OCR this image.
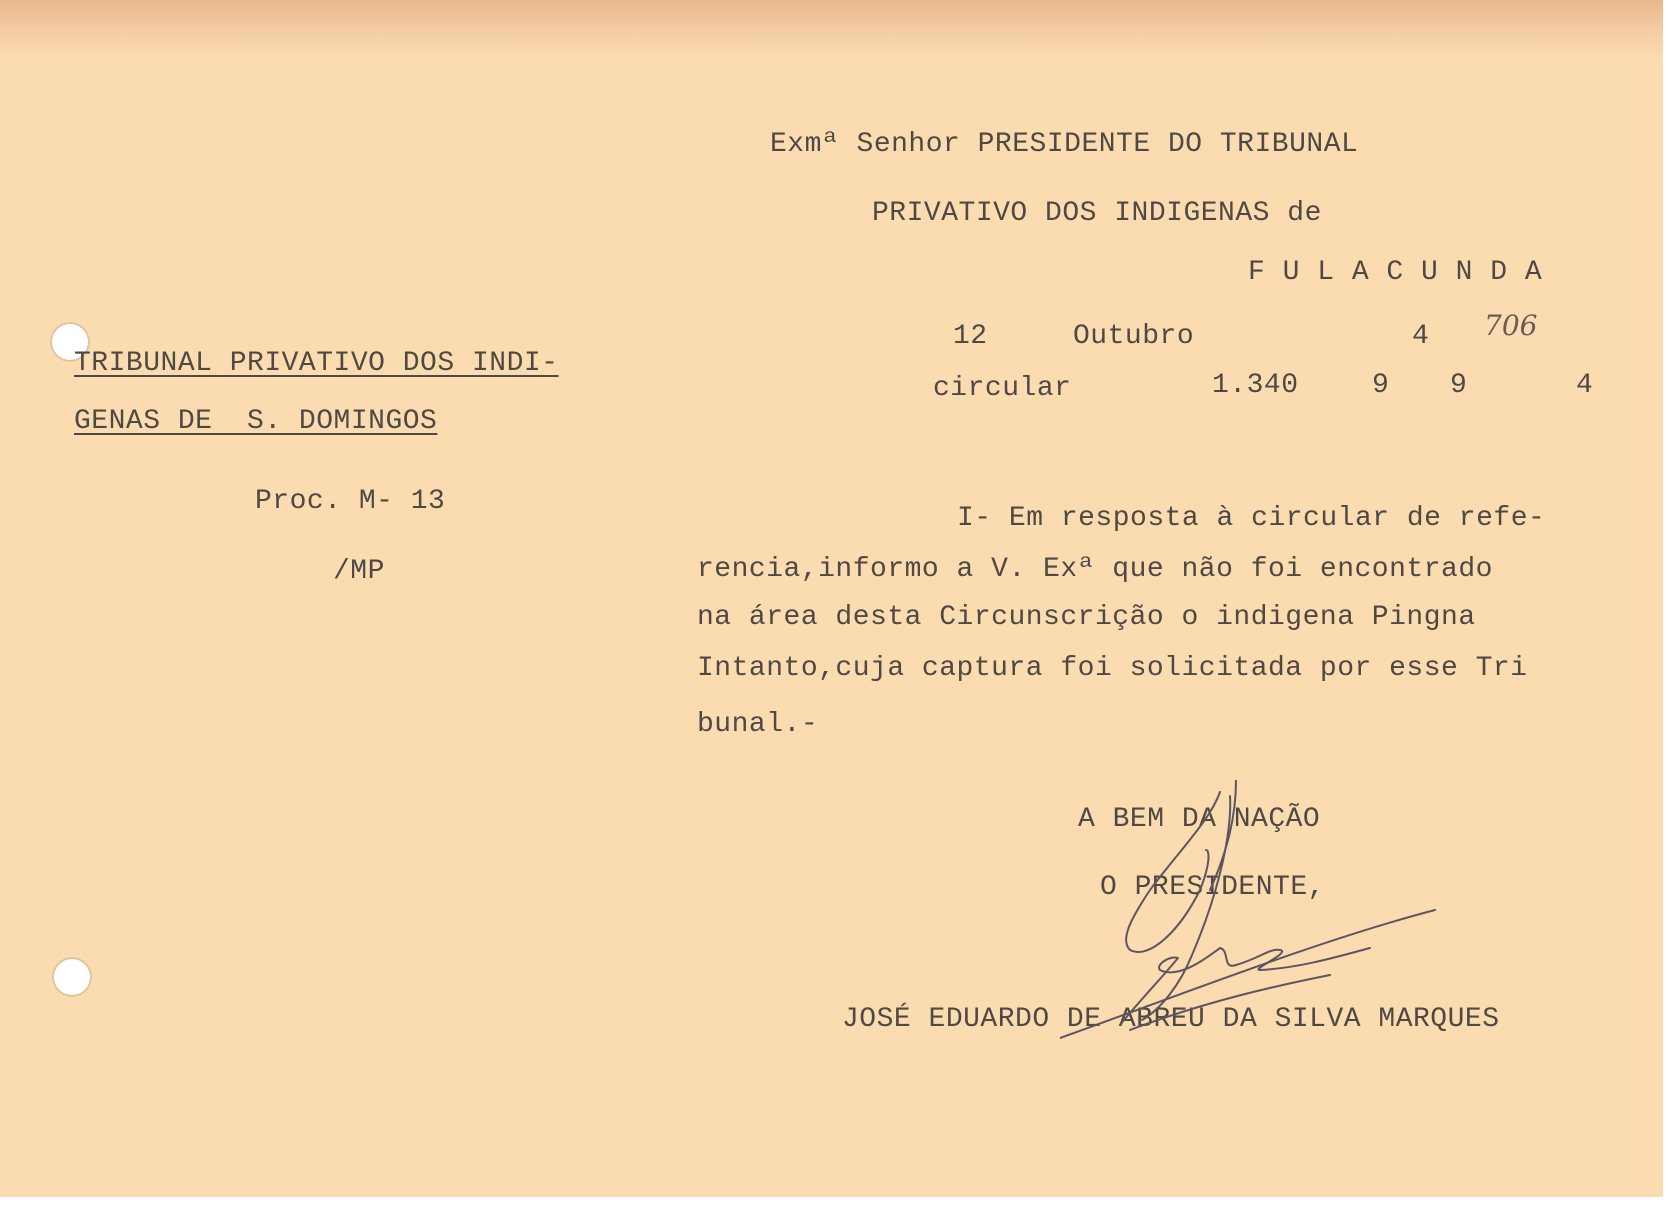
Exmª Senhor PRESIDENTE DO TRIBUNAL
PRIVATIVO DOS INDIGENAS de
F U L A C U N D A
12	Outubro	4 706
circular	1.340	9 9	4
TRIBUNAL PRIVATIVO DOS INDI-
GENAS DE  S. DOMINGOS
Proc. M- 13
/MP
I- Em resposta à circular de refe-
rencia,informo a V. Exª que não foi encontrado
na área desta Circunscrição o indigena Pingna
Intanto,cuja captura foi solicitada por esse Tri
bunal.-
A BEM DA NAÇÃO
O PRESIDENTE,
JOSÉ EDUARDO DE ABREU DA SILVA MARQUES
